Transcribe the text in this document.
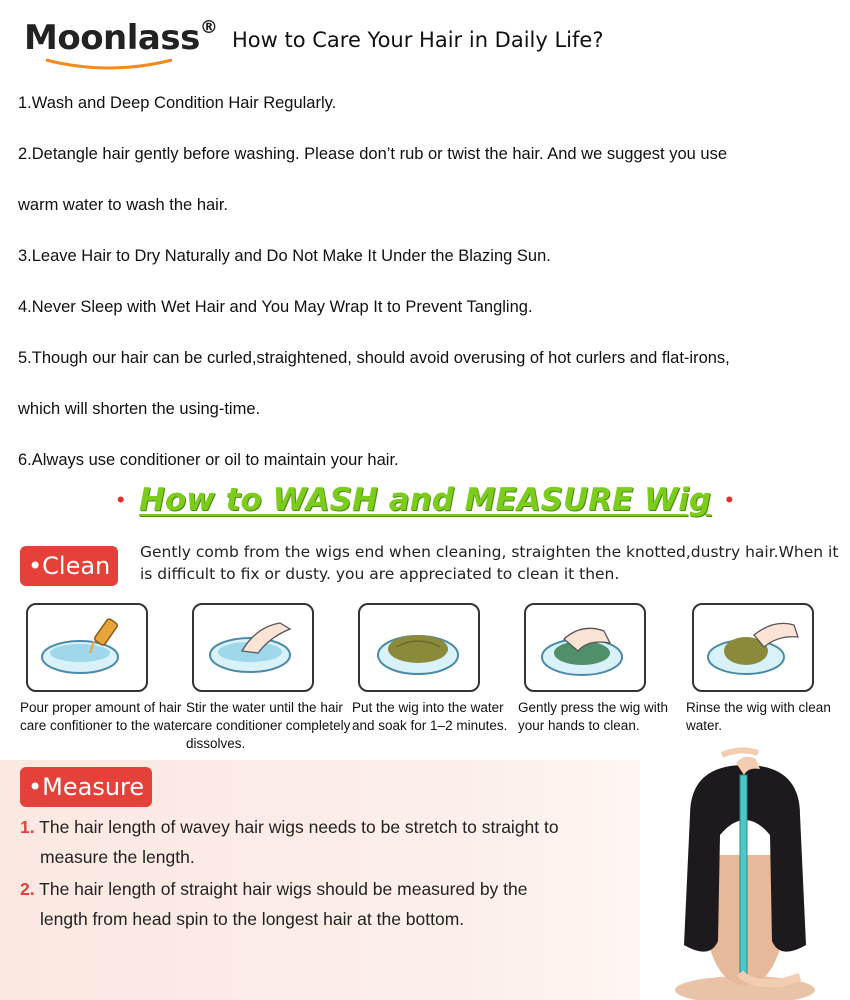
Moonlass®
How to Care Your Hair in Daily Life?
1.Wash and Deep Condition Hair Regularly.
2.Detangle hair gently before washing. Please don’t rub or twist the hair. And we suggest you use
warm water to wash the hair.
3.Leave Hair to Dry Naturally and Do Not Make It Under the Blazing Sun.
4.Never Sleep with Wet Hair and You May Wrap It to Prevent Tangling.
5.Though our hair can be curled,straightened, should avoid overusing of hot curlers and flat-irons,
which will shorten the using-time.
6.Always use conditioner or oil to maintain your hair.
• How to WASH and MEASURE Wig •
•Clean	Gently comb from the wigs end when cleaning, straighten the knotted,dustry hair.When it is difficult to fix or dusty. you are appreciated to clean it then.
Pour proper amount of hair care confitioner to the water.
Stir the water until the hair care conditioner completely dissolves.
Put the wig into the water and soak for 1–2 minutes.
Gently press the wig with your hands to clean.
Rinse the wig with clean water.
•Measure
1. The hair length of wavey hair wigs needs to be stretch to straight to
measure the length.
2. The hair length of straight hair wigs should be measured by the
length from head spin to the longest hair at the bottom.
